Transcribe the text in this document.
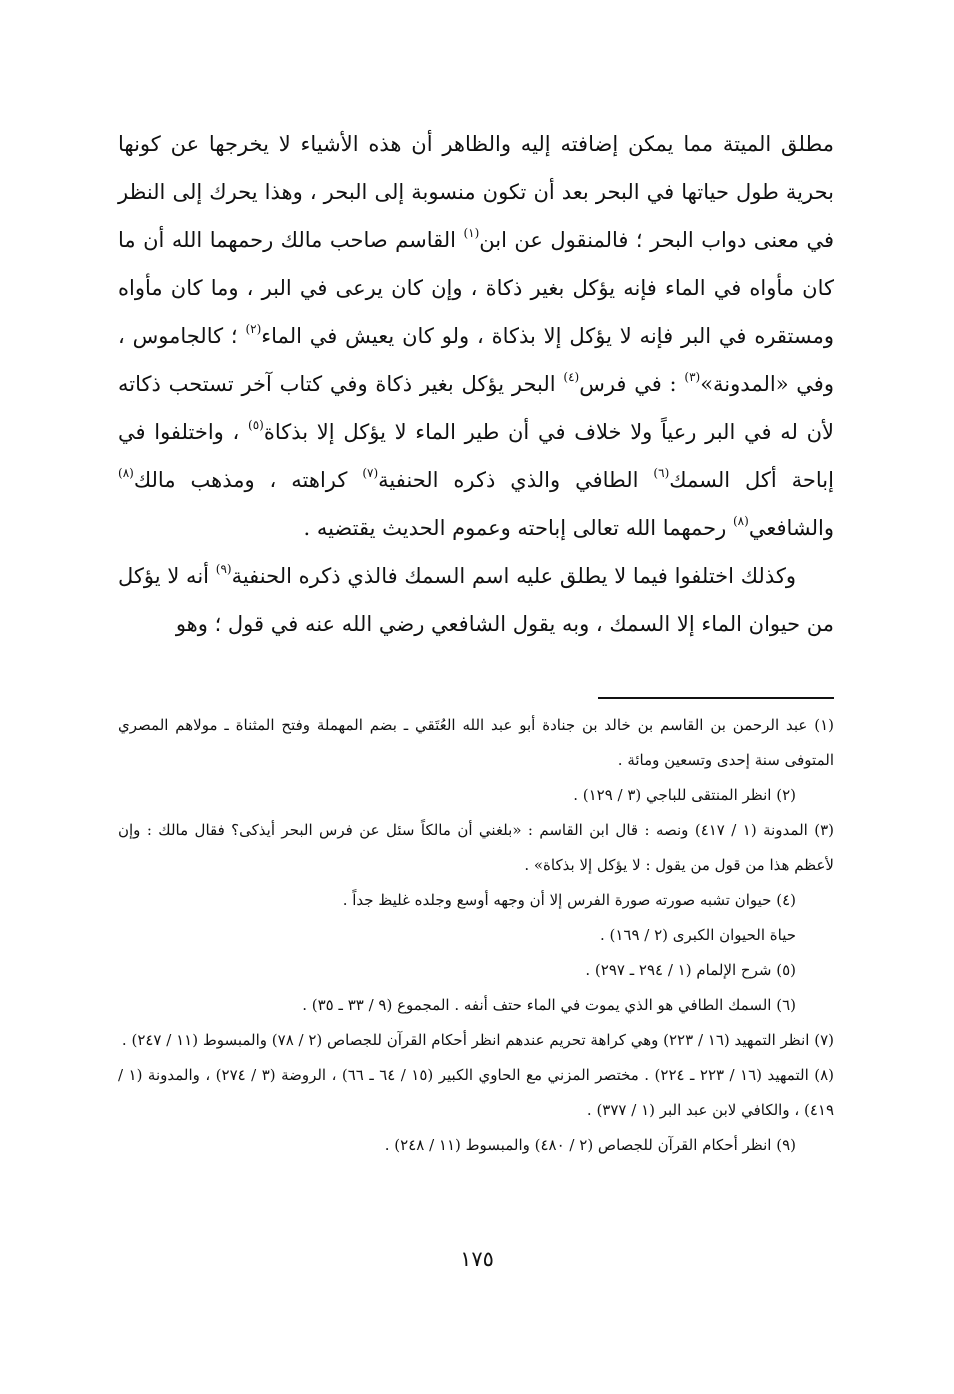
مطلق الميتة مما يمكن إضافته إليه والظاهر أن هذه الأشياء لا يخرجها عن كونها بحرية طول حياتها في البحر بعد أن تكون منسوبة إلى البحر ، وهذا يحرك إلى النظر في معنى دواب البحر ؛ فالمنقول عن ابن$^{(١)}$ القاسم صاحب مالك رحمهما الله أن ما كان مأواه في الماء فإنه يؤكل بغير ذكاة ، وإن كان يرعى في البر ، وما كان مأواه ومستقره في البر فإنه لا يؤكل إلا بذكاة ، ولو كان يعيش في الماء$^{(٢)}$ ؛ كالجاموس ، وفي «المدونة»$^{(٣)}$ : في فرس$^{(٤)}$ البحر يؤكل بغير ذكاة وفي كتاب آخر تستحب ذكاته لأن له في البر رعياً ولا خلاف في أن طير الماء لا يؤكل إلا بذكاة$^{(٥)}$ ، واختلفوا في إباحة أكل السمك$^{(٦)}$ الطافي والذي ذكره الحنفية$^{(٧)}$ كراهته ، ومذهب مالك$^{(٨)}$ والشافعي$^{(٨)}$ رحمهما الله تعالى إباحته وعموم الحديث يقتضيه .

وكذلك اختلفوا فيما لا يطلق عليه اسم السمك فالذي ذكره الحنفية$^{(٩)}$ أنه لا يؤكل من حيوان الماء إلا السمك ، وبه يقول الشافعي رضي الله عنه في قول ؛ وهو

(١) عبد الرحمن بن القاسم بن خالد بن جنادة أبو عبد الله العُتَقي ـ بضم المهملة وفتح المثناة ـ مولاهم المصري المتوفى سنة إحدى وتسعين ومائة .

(٢) انظر المنتقى للباجي (٣ / ١٢٩) .

(٣) المدونة (١ / ٤١٧) ونصه : قال ابن القاسم : «بلغني أن مالكاً سئل عن فرس البحر أيذكى؟ فقال مالك : وإن لأعظم هذا من قول من يقول : لا يؤكل إلا بذكاة» .

(٤) حيوان تشبه صورته صورة الفرس إلا أن وجهه أوسع وجلده غليظ جداً .

حياة الحيوان الكبرى (٢ / ١٦٩) .

(٥) شرح الإلمام (١ / ٢٩٤ ـ ٢٩٧) .

(٦) السمك الطافي هو الذي يموت في الماء حتف أنفه . المجموع (٩ / ٣٣ ـ ٣٥) .

(٧) انظر التمهيد (١٦ / ٢٢٣) وهي كراهة تحريم عندهم انظر أحكام القرآن للجصاص (٢ / ٧٨) والمبسوط (١١ / ٢٤٧) .

(٨) التمهيد (١٦ / ٢٢٣ ـ ٢٢٤) . مختصر المزني مع الحاوي الكبير (١٥ / ٦٤ ـ ٦٦) ، الروضة (٣ / ٢٧٤) ، والمدونة (١ / ٤١٩) ، والكافي لابن عبد البر (١ / ٣٧٧) .

(٩) انظر أحكام القرآن للجصاص (٢ / ٤٨٠) والمبسوط (١١ / ٢٤٨) .

١٧٥
